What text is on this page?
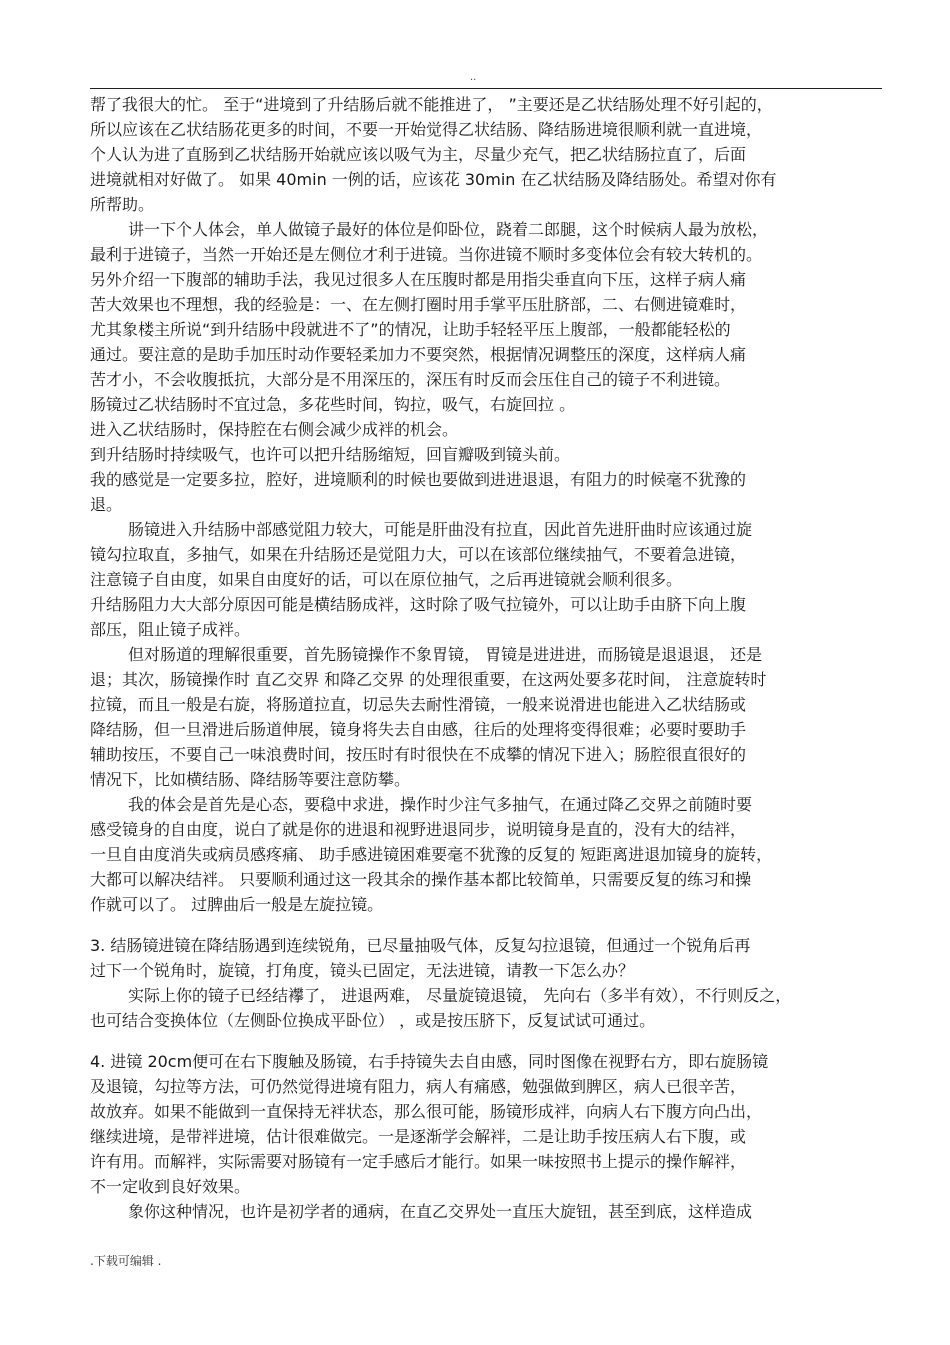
..
帮了我很大的忙。 至于“进境到了升结肠后就不能推进了， ”主要还是乙状结肠处理不好引起的，
所以应该在乙状结肠花更多的时间，不要一开始觉得乙状结肠、降结肠进境很顺利就一直进境，
个人认为进了直肠到乙状结肠开始就应该以吸气为主，尽量少充气，把乙状结肠拉直了，后面
进境就相对好做了。 如果 40min 一例的话，应该花 30min 在乙状结肠及降结肠处。希望对你有
所帮助。
讲一下个人体会，单人做镜子最好的体位是仰卧位，跷着二郎腿，这个时候病人最为放松，
最利于进镜子，当然一开始还是左侧位才利于进镜。当你进镜不顺时多变体位会有较大转机的。
另外介绍一下腹部的辅助手法，我见过很多人在压腹时都是用指尖垂直向下压，这样子病人痛
苦大效果也不理想，我的经验是：一、在左侧打圈时用手掌平压肚脐部，二、右侧进镜难时，
尤其象楼主所说“到升结肠中段就进不了”的情况，让助手轻轻平压上腹部，一般都能轻松的
通过。要注意的是助手加压时动作要轻柔加力不要突然，根据情况调整压的深度，这样病人痛
苦才小，不会收腹抵抗，大部分是不用深压的，深压有时反而会压住自己的镜子不利进镜。
肠镜过乙状结肠时不宜过急，多花些时间，钩拉，吸气，右旋回拉 。
进入乙状结肠时，保持腔在右侧会减少成袢的机会。
到升结肠时持续吸气，也许可以把升结肠缩短，回盲瓣吸到镜头前。
我的感觉是一定要多拉，腔好，进境顺利的时候也要做到进进退退，有阻力的时候毫不犹豫的
退。
肠镜进入升结肠中部感觉阻力较大，可能是肝曲没有拉直，因此首先进肝曲时应该通过旋
镜勾拉取直，多抽气，如果在升结肠还是觉阻力大，可以在该部位继续抽气，不要着急进镜，
注意镜子自由度，如果自由度好的话，可以在原位抽气，之后再进镜就会顺利很多。
升结肠阻力大大部分原因可能是横结肠成袢，这时除了吸气拉镜外，可以让助手由脐下向上腹
部压，阻止镜子成袢。
但对肠道的理解很重要，首先肠镜操作不象胃镜， 胃镜是进进进，而肠镜是退退退， 还是
退；其次，肠镜操作时 直乙交界 和降乙交界 的处理很重要，在这两处要多花时间， 注意旋转时
拉镜，而且一般是右旋，将肠道拉直，切忌失去耐性滑镜，一般来说滑进也能进入乙状结肠或
降结肠，但一旦滑进后肠道伸展，镜身将失去自由感，往后的处理将变得很难；必要时要助手
辅助按压，不要自己一味浪费时间，按压时有时很快在不成攀的情况下进入；肠腔很直很好的
情况下，比如横结肠、降结肠等要注意防攀。
我的体会是首先是心态，要稳中求进，操作时少注气多抽气，在通过降乙交界之前随时要
感受镜身的自由度，说白了就是你的进退和视野进退同步，说明镜身是直的，没有大的结袢，
一旦自由度消失或病员感疼痛、 助手感进镜困难要毫不犹豫的反复的 短距离进退加镜身的旋转，
大都可以解决结袢。 只要顺利通过这一段其余的操作基本都比较简单，只需要反复的练习和操
作就可以了。 过脾曲后一般是左旋拉镜。
3. 结肠镜进镜在降结肠遇到连续锐角，已尽量抽吸气体，反复勾拉退镜，但通过一个锐角后再
过下一个锐角时，旋镜，打角度，镜头已固定，无法进镜，请教一下怎么办？
实际上你的镜子已经结襻了， 进退两难， 尽量旋镜退镜， 先向右（多半有效），不行则反之，
也可结合变换体位（左侧卧位换成平卧位） ，或是按压脐下，反复试试可通过。
4. 进镜 20cm便可在右下腹触及肠镜，右手持镜失去自由感，同时图像在视野右方，即右旋肠镜
及退镜，勾拉等方法，可仍然觉得进境有阻力，病人有痛感，勉强做到脾区，病人已很辛苦，
故放弃。如果不能做到一直保持无袢状态，那么很可能，肠镜形成袢，向病人右下腹方向凸出，
继续进境，是带袢进境，估计很难做完。一是逐渐学会解袢，二是让助手按压病人右下腹，或
许有用。而解袢，实际需要对肠镜有一定手感后才能行。如果一味按照书上提示的操作解袢，
不一定收到良好效果。
象你这种情况，也许是初学者的通病，在直乙交界处一直压大旋钮，甚至到底，这样造成
.下载可编辑 .
